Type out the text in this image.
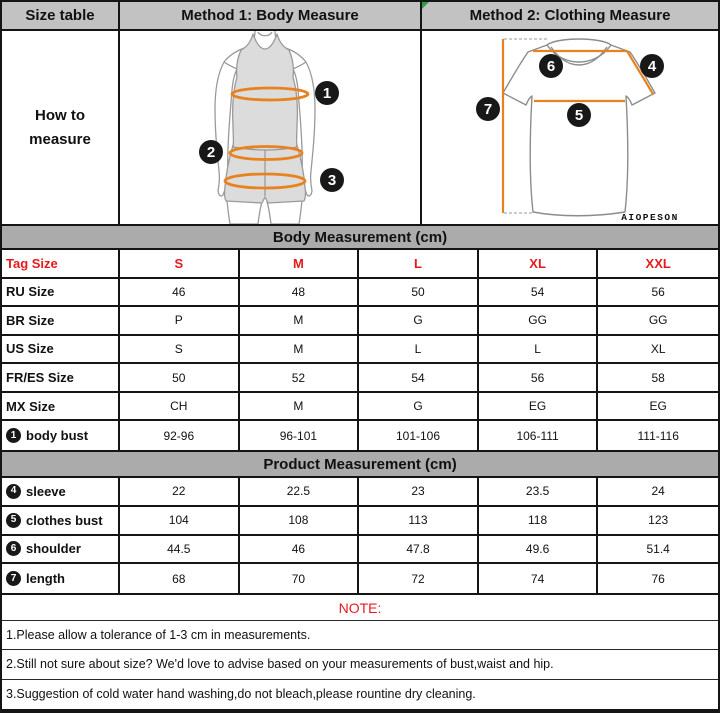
Size table	Method 1: Body Measure	Method 2: Clothing Measure
How to
measure
1
2
3
6	4
5
7
AIOPESON
Body Measurement (cm)
Tag Size	S	M	L	XL	XXL
RU Size	46	48	50	54	56
BR Size	P	M	G	GG	GG
US Size	S	M	L	L	XL
FR/ES Size	50	52	54	56	58
MX Size	CH	M	G	EG	EG
1 body bust	92-96	96-101	101-106	106-111	111-116
Product Measurement (cm)
4 sleeve	22	22.5	23	23.5	24
5 clothes bust	104	108	113	118	123
6 shoulder	44.5	46	47.8	49.6	51.4
7 length	68	70	72	74	76
NOTE:
1.Please allow a tolerance of 1-3 cm in measurements.
2.Still not sure about size? We'd love to advise based on your measurements of bust,waist and hip.
3.Suggestion of cold water hand washing,do not bleach,please rountine dry cleaning.
